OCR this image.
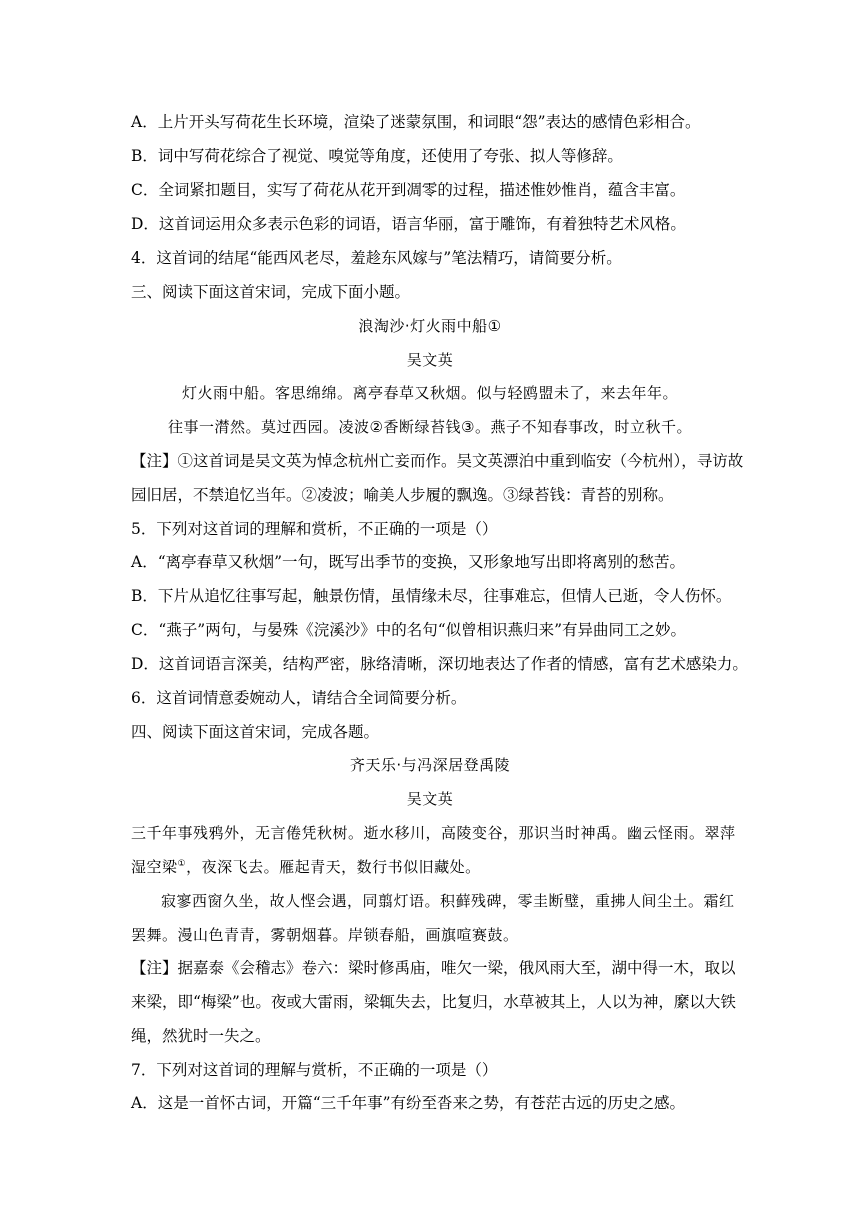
A．上片开头写荷花生长环境，渲染了迷蒙氛围，和词眼“怨”表达的感情色彩相合。
B．词中写荷花综合了视觉、嗅觉等角度，还使用了夸张、拟人等修辞。
C．全词紧扣题目，实写了荷花从花开到凋零的过程，描述惟妙惟肖，蕴含丰富。
D．这首词运用众多表示色彩的词语，语言华丽，富于雕饰，有着独特艺术风格。
4．这首词的结尾“能西风老尽，羞趁东风嫁与”笔法精巧，请简要分析。
三、阅读下面这首宋词，完成下面小题。
浪淘沙·灯火雨中船①
吴文英
灯火雨中船。客思绵绵。离亭春草又秋烟。似与轻鸥盟未了，来去年年。
往事一潸然。莫过西园。凌波②香断绿苔钱③。燕子不知春事改，时立秋千。
【注】①这首词是吴文英为悼念杭州亡妾而作。吴文英漂泊中重到临安（今杭州），寻访故
园旧居，不禁追忆当年。②凌波；喻美人步履的飘逸。③绿苔钱：青苔的别称。
5．下列对这首词的理解和赏析，不正确的一项是（）
A．“离亭春草又秋烟”一句，既写出季节的变换，又形象地写出即将离别的愁苦。
B．下片从追忆往事写起，触景伤情，虽情缘未尽，往事难忘，但情人已逝，令人伤怀。
C．“燕子”两句，与晏殊《浣溪沙》中的名句“似曾相识燕归来”有异曲同工之妙。
D．这首词语言深美，结构严密，脉络清晰，深切地表达了作者的情感，富有艺术感染力。
6．这首词情意委婉动人，请结合全词简要分析。
四、阅读下面这首宋词，完成各题。
齐天乐·与冯深居登禹陵
吴文英
三千年事残鸦外，无言倦凭秋树。逝水移川，高陵变谷，那识当时神禹。幽云怪雨。翠萍
湿空梁①，夜深飞去。雁起青天，数行书似旧藏处。
寂寥西窗久坐，故人悭会遇，同翦灯语。积藓残碑，零圭断璧，重拂人间尘土。霜红
罢舞。漫山色青青，雾朝烟暮。岸锁春船，画旗喧赛鼓。
【注】据嘉泰《会稽志》卷六：梁时修禹庙，唯欠一梁，俄风雨大至，湖中得一木，取以
来梁，即“梅梁”也。夜或大雷雨，梁辄失去，比复归，水草被其上，人以为神，縻以大铁
绳，然犹时一失之。
7．下列对这首词的理解与赏析，不正确的一项是（）
A．这是一首怀古词，开篇“三千年事”有纷至沓来之势，有苍茫古远的历史之感。
